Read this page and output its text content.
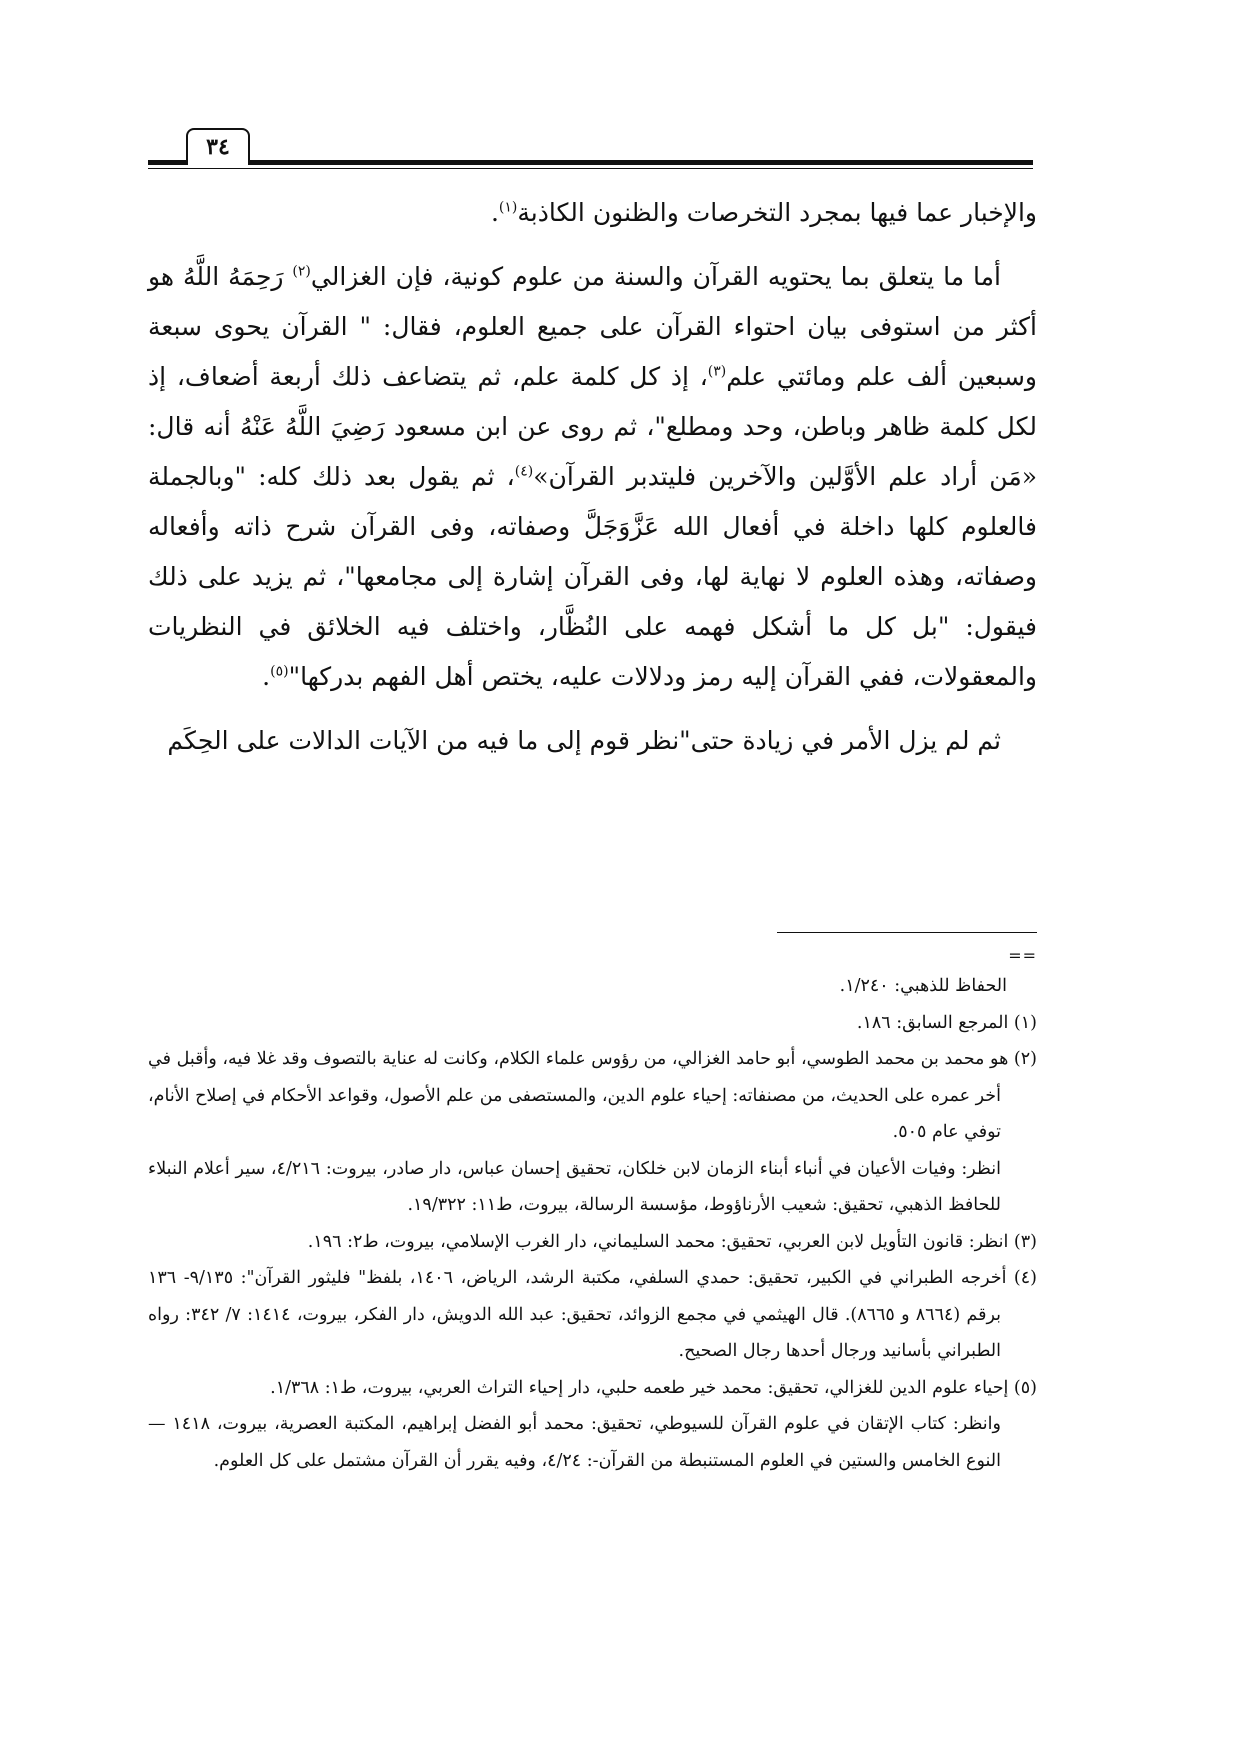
٣٤

والإخبار عما فيها بمجرد التخرصات والظنون الكاذبة$^{(١)}$.

أما ما يتعلق بما يحتويه القرآن والسنة من علوم كونية، فإن الغزالي$^{(٢)}$ رَحِمَهُ اللَّهُ هو أكثر من استوفى بيان احتواء القرآن على جميع العلوم، فقال: " القرآن يحوى سبعة وسبعين ألف علم ومائتي علم$^{(٣)}$، إذ كل كلمة علم، ثم يتضاعف ذلك أربعة أضعاف، إذ لكل كلمة ظاهر وباطن، وحد ومطلع"، ثم روى عن ابن مسعود رَضِيَ اللَّهُ عَنْهُ أنه قال: «مَن أراد علم الأوَّلين والآخرين فليتدبر القرآن»$^{(٤)}$، ثم يقول بعد ذلك كله: "وبالجملة فالعلوم كلها داخلة في أفعال الله عَزَّوَجَلَّ وصفاته، وفى القرآن شرح ذاته وأفعاله وصفاته، وهذه العلوم لا نهاية لها، وفى القرآن إشارة إلى مجامعها"، ثم يزيد على ذلك فيقول: "بل كل ما أشكل فهمه على النُظَّار، واختلف فيه الخلائق في النظريات والمعقولات، ففي القرآن إليه رمز ودلالات عليه، يختص أهل الفهم بدركها"$^{(٥)}$.

ثم لم يزل الأمر في زيادة حتى"نظر قوم إلى ما فيه من الآيات الدالات على الحِكَم

==

الحفاظ للذهبي: ١/٢٤٠.

(١) المرجع السابق: ١٨٦.

(٢) هو محمد بن محمد الطوسي، أبو حامد الغزالي، من رؤوس علماء الكلام، وكانت له عناية بالتصوف وقد غلا فيه، وأقبل في أخر عمره على الحديث، من مصنفاته: إحياء علوم الدين، والمستصفى من علم الأصول، وقواعد الأحكام في إصلاح الأنام، توفي عام ٥٠٥.

انظر: وفيات الأعيان في أنباء أبناء الزمان لابن خلكان، تحقيق إحسان عباس، دار صادر، بيروت: ٤/٢١٦، سير أعلام النبلاء للحافظ الذهبي، تحقيق: شعيب الأرناؤوط، مؤسسة الرسالة، بيروت، ط١١: ١٩/٣٢٢.

(٣) انظر: قانون التأويل لابن العربي، تحقيق: محمد السليماني، دار الغرب الإسلامي، بيروت، ط٢: ١٩٦.

(٤) أخرجه الطبراني في الكبير، تحقيق: حمدي السلفي، مكتبة الرشد، الرياض، ١٤٠٦، بلفظ" فليثور القرآن": ٩/١٣٥- ١٣٦ برقم (٨٦٦٤ و ٨٦٦٥). قال الهيثمي في مجمع الزوائد، تحقيق: عبد الله الدويش، دار الفكر، بيروت، ١٤١٤: ٧/ ٣٤٢: رواه الطبراني بأسانيد ورجال أحدها رجال الصحيح.

(٥) إحياء علوم الدين للغزالي، تحقيق: محمد خير طعمه حلبي، دار إحياء التراث العربي، بيروت، ط١: ١/٣٦٨.

وانظر: كتاب الإتقان في علوم القرآن للسيوطي، تحقيق: محمد أبو الفضل إبراهيم، المكتبة العصرية، بيروت، ١٤١٨ — النوع الخامس والستين في العلوم المستنبطة من القرآن-: ٤/٢٤، وفيه يقرر أن القرآن مشتمل على كل العلوم.
